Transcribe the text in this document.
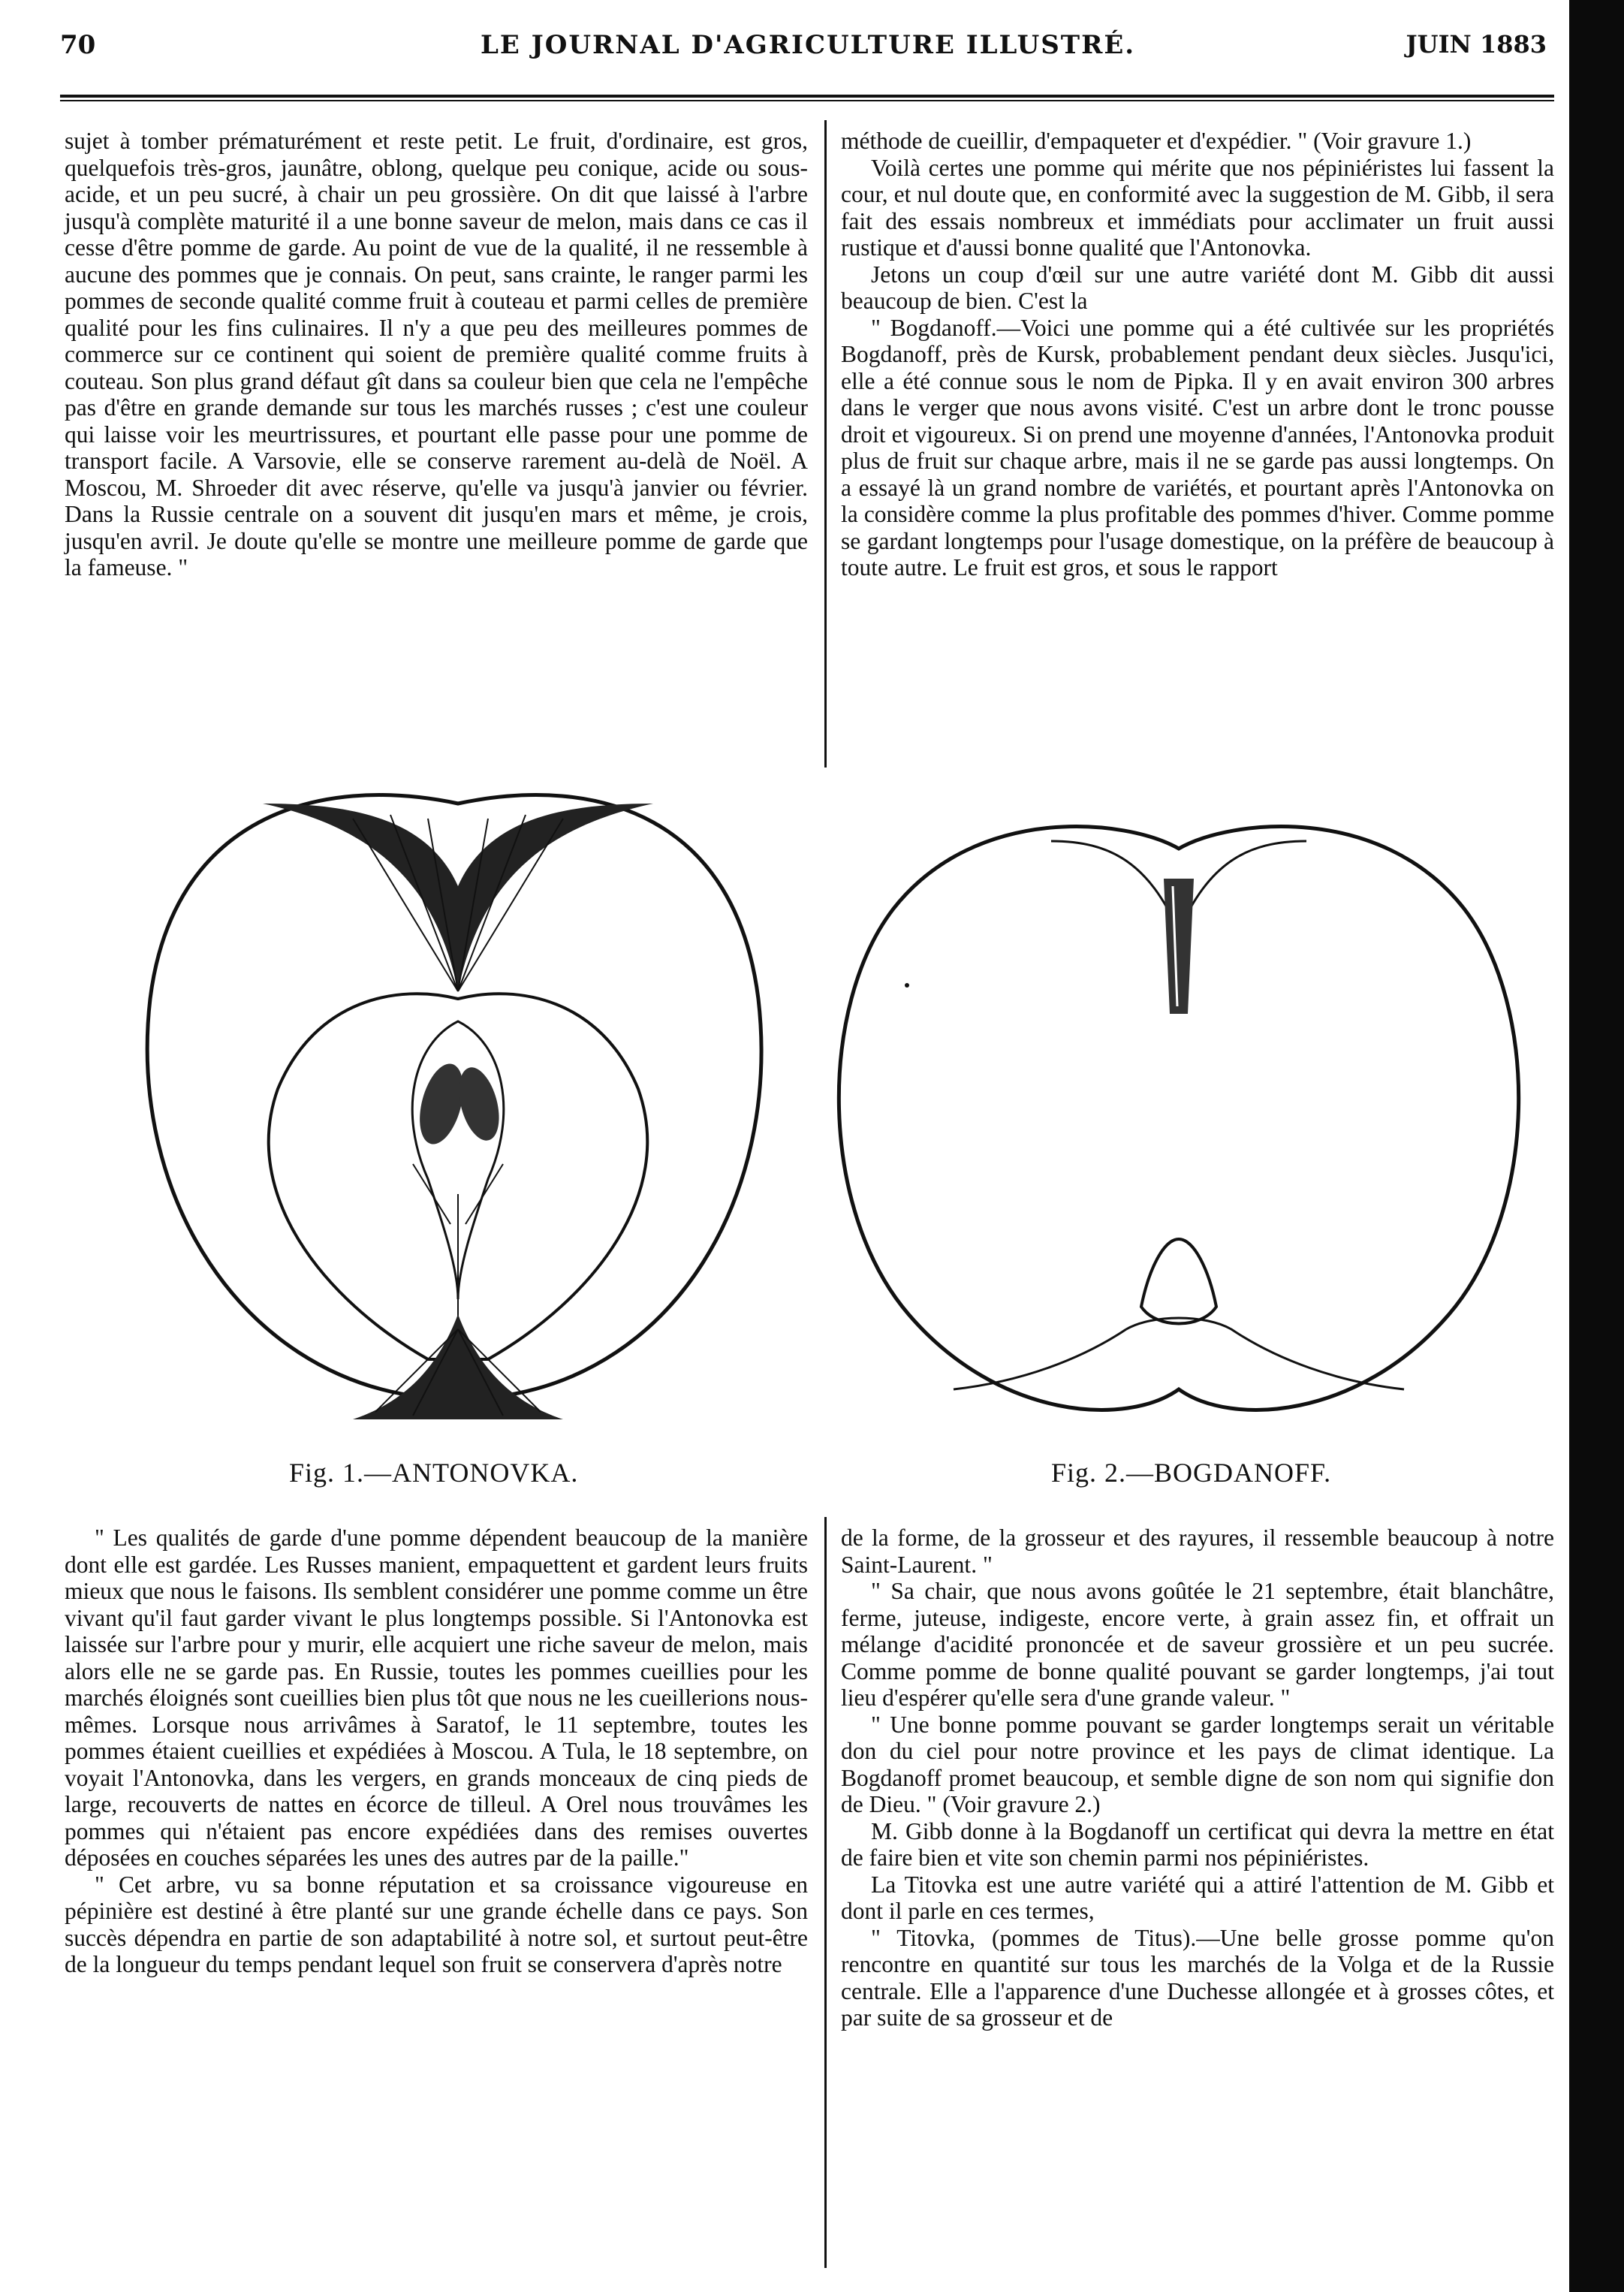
70	LE JOURNAL D'AGRICULTURE ILLUSTRÉ.	JUIN 1883

sujet à tomber prématurément et reste petit. Le fruit, d'ordinaire, est gros, quelquefois très-gros, jaunâtre, oblong, quelque peu conique, acide ou sous-acide, et un peu sucré, à chair un peu grossière. On dit que laissé à l'arbre jusqu'à complète maturité il a une bonne saveur de melon, mais dans ce cas il cesse d'être pomme de garde. Au point de vue de la qualité, il ne ressemble à aucune des pommes que je connais. On peut, sans crainte, le ranger parmi les pommes de seconde qualité comme fruit à couteau et parmi celles de première qualité pour les fins culinaires. Il n'y a que peu des meilleures pommes de commerce sur ce continent qui soient de première qualité comme fruits à couteau. Son plus grand défaut gît dans sa couleur bien que cela ne l'empêche pas d'être en grande demande sur tous les marchés russes ; c'est une couleur qui laisse voir les meurtrissures, et pourtant elle passe pour une pomme de transport facile. A Varsovie, elle se conserve rarement au-delà de Noël. A Moscou, M. Shroeder dit avec réserve, qu'elle va jusqu'à janvier ou février. Dans la Russie centrale on a souvent dit jusqu'en mars et même, je crois, jusqu'en avril. Je doute qu'elle se montre une meilleure pomme de garde que la fameuse. "

méthode de cueillir, d'empaqueter et d'expédier. " (Voir gravure 1.)

Voilà certes une pomme qui mérite que nos pépiniéristes lui fassent la cour, et nul doute que, en conformité avec la suggestion de M. Gibb, il sera fait des essais nombreux et immédiats pour acclimater un fruit aussi rustique et d'aussi bonne qualité que l'Antonovka.

Jetons un coup d'œil sur une autre variété dont M. Gibb dit aussi beaucoup de bien. C'est la

" Bogdanoff.—Voici une pomme qui a été cultivée sur les propriétés Bogdanoff, près de Kursk, probablement pendant deux siècles. Jusqu'ici, elle a été connue sous le nom de Pipka. Il y en avait environ 300 arbres dans le verger que nous avons visité. C'est un arbre dont le tronc pousse droit et vigoureux. Si on prend une moyenne d'années, l'Antonovka produit plus de fruit sur chaque arbre, mais il ne se garde pas aussi longtemps. On a essayé là un grand nombre de variétés, et pourtant après l'Antonovka on la considère comme la plus profitable des pommes d'hiver. Comme pomme se gardant longtemps pour l'usage domestique, on la préfère de beaucoup à toute autre. Le fruit est gros, et sous le rapport

Fig. 1.—ANTONOVKA.	Fig. 2.—BOGDANOFF.

" Les qualités de garde d'une pomme dépendent beaucoup de la manière dont elle est gardée. Les Russes manient, empaquettent et gardent leurs fruits mieux que nous le faisons. Ils semblent considérer une pomme comme un être vivant qu'il faut garder vivant le plus longtemps possible. Si l'Antonovka est laissée sur l'arbre pour y murir, elle acquiert une riche saveur de melon, mais alors elle ne se garde pas. En Russie, toutes les pommes cueillies pour les marchés éloignés sont cueillies bien plus tôt que nous ne les cueillerions nous-mêmes. Lorsque nous arrivâmes à Saratof, le 11 septembre, toutes les pommes étaient cueillies et expédiées à Moscou. A Tula, le 18 septembre, on voyait l'Antonovka, dans les vergers, en grands monceaux de cinq pieds de large, recouverts de nattes en écorce de tilleul. A Orel nous trouvâmes les pommes qui n'étaient pas encore expédiées dans des remises ouvertes déposées en couches séparées les unes des autres par de la paille."

" Cet arbre, vu sa bonne réputation et sa croissance vigoureuse en pépinière est destiné à être planté sur une grande échelle dans ce pays. Son succès dépendra en partie de son adaptabilité à notre sol, et surtout peut-être de la longueur du temps pendant lequel son fruit se conservera d'après notre

de la forme, de la grosseur et des rayures, il ressemble beaucoup à notre Saint-Laurent. "

" Sa chair, que nous avons goûtée le 21 septembre, était blanchâtre, ferme, juteuse, indigeste, encore verte, à grain assez fin, et offrait un mélange d'acidité prononcée et de saveur grossière et un peu sucrée. Comme pomme de bonne qualité pouvant se garder longtemps, j'ai tout lieu d'espérer qu'elle sera d'une grande valeur. "

" Une bonne pomme pouvant se garder longtemps serait un véritable don du ciel pour notre province et les pays de climat identique. La Bogdanoff promet beaucoup, et semble digne de son nom qui signifie don de Dieu. " (Voir gravure 2.)

M. Gibb donne à la Bogdanoff un certificat qui devra la mettre en état de faire bien et vite son chemin parmi nos pépiniéristes.

La Titovka est une autre variété qui a attiré l'attention de M. Gibb et dont il parle en ces termes,

" Titovka, (pommes de Titus).—Une belle grosse pomme qu'on rencontre en quantité sur tous les marchés de la Volga et de la Russie centrale. Elle a l'apparence d'une Duchesse allongée et à grosses côtes, et par suite de sa grosseur et de
